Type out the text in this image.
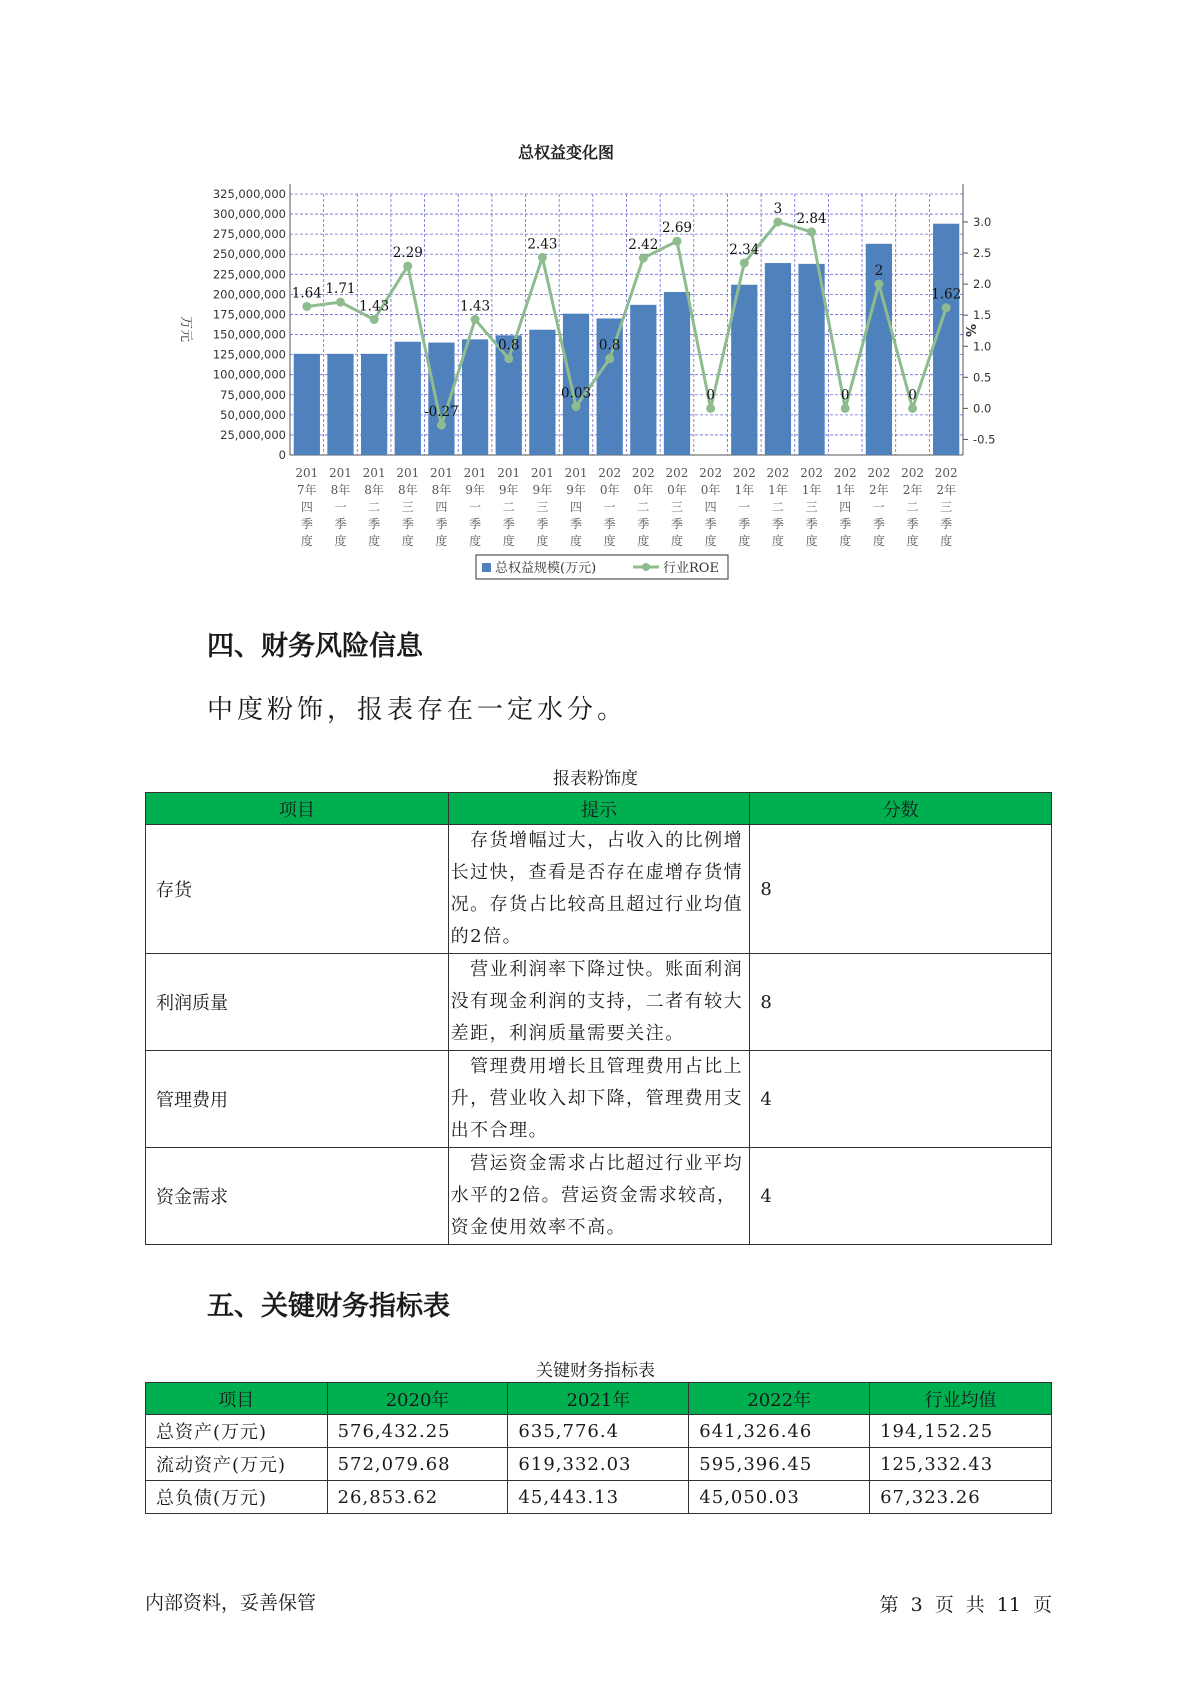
总权益变化图
325,000,000
300,000,000
275,000,000
250,000,000
225,000,000
200,000,000
175,000,000
150,000,000
125,000,000
100,000,000
75,000,000
50,000,000
25,000,000
0
3.0
2.5
2.0
1.5
1.0
0.5
0.0
-0.5
万元	%
1.64 1.71
1.43
2.29
-0.27
1.43
0.8
2.43
0.03
0.8
2.42
2.69
0
2.34
3
2.84
0
2
0
1.62
201
7年
四
季
度
201
8年
一
季
度
201
8年
二
季
度
201
8年
三
季
度
201
8年
四
季
度
201
9年
一
季
度
201
9年
二
季
度
201
9年
三
季
度
201
9年
四
季
度
202
0年
一
季
度
202
0年
二
季
度
202
0年
三
季
度
202
0年
四
季
度
202
1年
一
季
度
202
1年
二
季
度
202
1年
三
季
度
202
1年
四
季
度
202
2年
一
季
度
202
2年
二
季
度
202
2年
三
季
度
总权益规模(万元)	行业ROE
四、财务风险信息

中度粉饰，报表存在一定水分。

报表粉饰度
项目	提示	分数
存货	　存货增幅过大，占收入的比例增长过快，查看是否存在虚增存货情况。存货占比较高且超过行业均值的2倍。	8
利润质量	　营业利润率下降过快。账面利润没有现金利润的支持，二者有较大差距，利润质量需要关注。	8
管理费用	　管理费用增长且管理费用占比上升，营业收入却下降，管理费用支出不合理。	4
资金需求	　营运资金需求占比超过行业平均水平的2倍。营运资金需求较高，资金使用效率不高。	4
五、关键财务指标表
关键财务指标表
项目	2020年	2021年	2022年	行业均值
总资产(万元)	576,432.25	635,776.4	641,326.46	194,152.25
流动资产(万元)	572,079.68	619,332.03	595,396.45	125,332.43
总负债(万元)	26,853.62	45,443.13	45,050.03	67,323.26
内部资料，妥善保管	第 3 页 共 11 页
